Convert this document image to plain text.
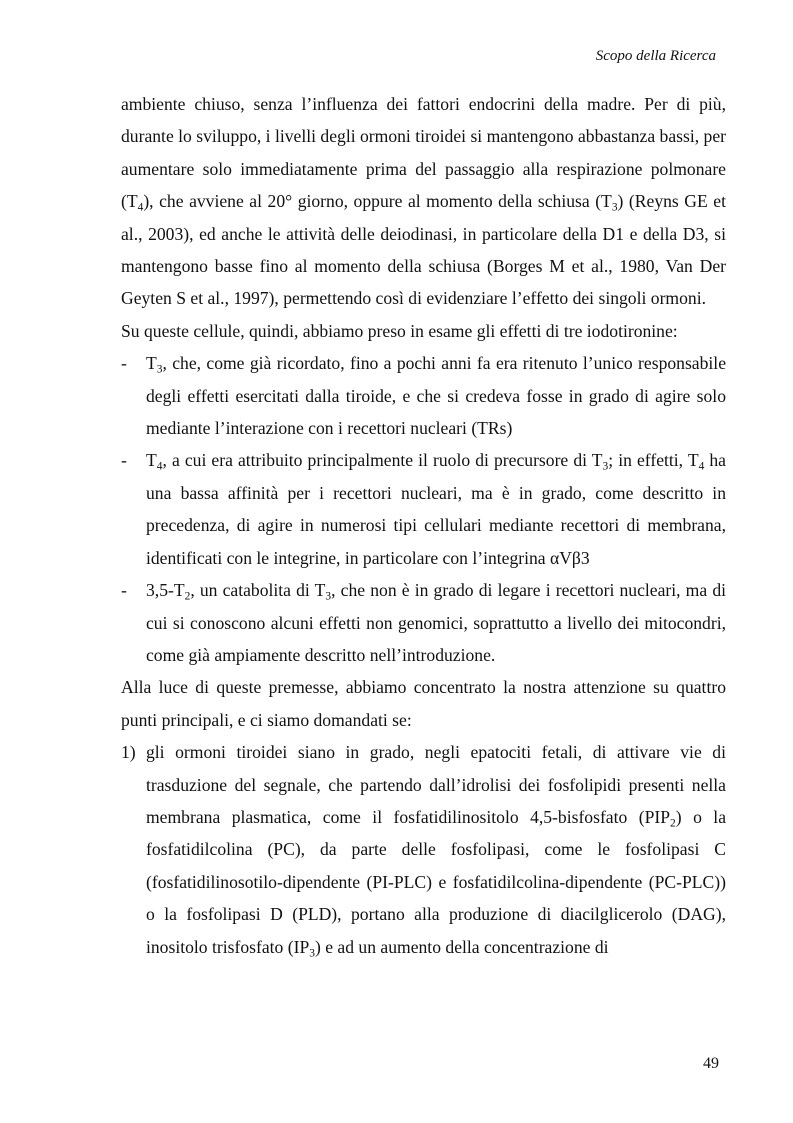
Scopo della Ricerca

ambiente chiuso, senza l’influenza dei fattori endocrini della madre. Per di più, durante lo sviluppo, i livelli degli ormoni tiroidei si mantengono abbastanza bassi, per aumentare solo immediatamente prima del passaggio alla respirazione polmonare $(T_4)$, che avviene al 20° giorno, oppure al momento della schiusa $(T_3)$ (Reyns GE et al., 2003), ed anche le attività delle deiodinasi, in particolare della D1 e della D3, si mantengono basse fino al momento della schiusa (Borges M et al., 1980, Van Der Geyten S et al., 1997), permettendo così di evidenziare l’effetto dei singoli ormoni.

Su queste cellule, quindi, abbiamo preso in esame gli effetti di tre iodotironine:

- $T_3$, che, come già ricordato, fino a pochi anni fa era ritenuto l’unico responsabile degli effetti esercitati dalla tiroide, e che si credeva fosse in grado di agire solo mediante l’interazione con i recettori nucleari (TRs)
- $T_4$, a cui era attribuito principalmente il ruolo di precursore di $T_3$; in effetti, $T_4$ ha una bassa affinità per i recettori nucleari, ma è in grado, come descritto in precedenza, di agire in numerosi tipi cellulari mediante recettori di membrana, identificati con le integrine, in particolare con l’integrina αVβ3
- $3,5-T_2$, un catabolita di $T_3$, che non è in grado di legare i recettori nucleari, ma di cui si conoscono alcuni effetti non genomici, soprattutto a livello dei mitocondri, come già ampiamente descritto nell’introduzione.

Alla luce di queste premesse, abbiamo concentrato la nostra attenzione su quattro punti principali, e ci siamo domandati se:

1) gli ormoni tiroidei siano in grado, negli epatociti fetali, di attivare vie di trasduzione del segnale, che partendo dall’idrolisi dei fosfolipidi presenti nella membrana plasmatica, come il fosfatidilinositolo 4,5-bisfosfato $(PIP_2)$ o la fosfatidilcolina (PC), da parte delle fosfolipasi, come le fosfolipasi C (fosfatidilinosotilo-dipendente (PI-PLC) e fosfatidilcolina-dipendente (PC-PLC)) o la fosfolipasi D (PLD), portano alla produzione di diacilglicerolo (DAG), inositolo trisfosfato $(IP_3)$ e ad un aumento della concentrazione di
49
